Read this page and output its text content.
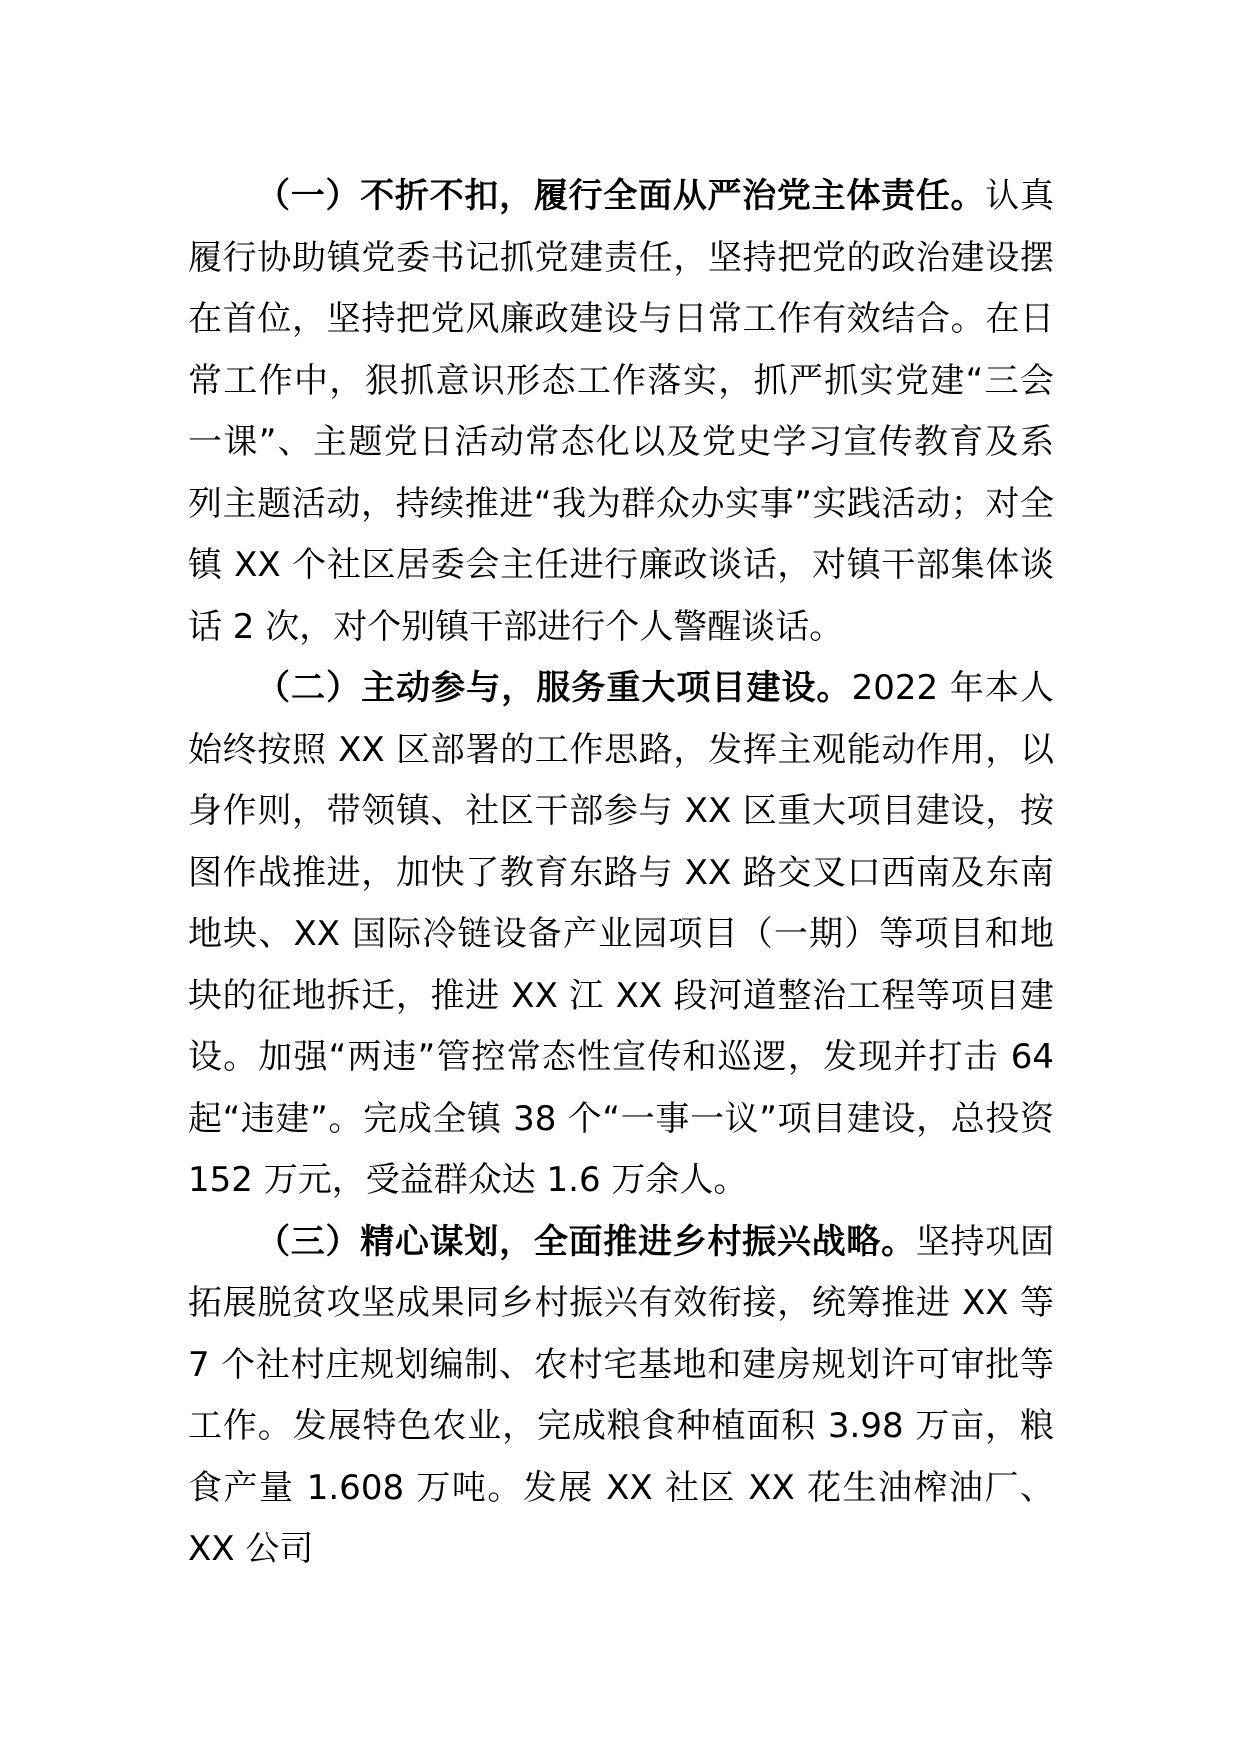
（一）不折不扣，履行全面从严治党主体责任。认真履行协助镇党委书记抓党建责任，坚持把党的政治建设摆在首位，坚持把党风廉政建设与日常工作有效结合。在日常工作中，狠抓意识形态工作落实，抓严抓实党建“三会一课”、主题党日活动常态化以及党史学习宣传教育及系列主题活动，持续推进“我为群众办实事”实践活动；对全镇 XX 个社区居委会主任进行廉政谈话，对镇干部集体谈话 2 次，对个别镇干部进行个人警醒谈话。

（二）主动参与，服务重大项目建设。2022 年本人始终按照 XX 区部署的工作思路，发挥主观能动作用，以身作则，带领镇、社区干部参与 XX 区重大项目建设，按图作战推进，加快了教育东路与 XX 路交叉口西南及东南地块、XX 国际冷链设备产业园项目（一期）等项目和地块的征地拆迁，推进 XX 江 XX 段河道整治工程等项目建设。加强“两违”管控常态性宣传和巡逻，发现并打击 64 起“违建”。完成全镇 38 个“一事一议”项目建设，总投资 152 万元，受益群众达 1.6 万余人。

（三）精心谋划，全面推进乡村振兴战略。坚持巩固拓展脱贫攻坚成果同乡村振兴有效衔接，统筹推进 XX 等 7 个社村庄规划编制、农村宅基地和建房规划许可审批等工作。发展特色农业，完成粮食种植面积 3.98 万亩，粮食产量 1.608 万吨。发展 XX 社区 XX 花生油榨油厂、XX 公司
